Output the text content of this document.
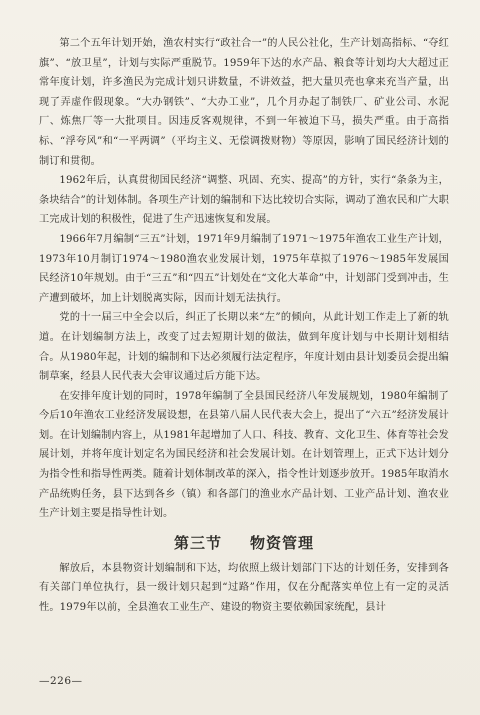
第二个五年计划开始，渔农村实行“政社合一”的人民公社化，生产计划高指标、“夺红旗”、“放卫星”，计划与实际严重脱节。1959年下达的水产品、粮食等计划均大大超过正常年度计划，许多渔民为完成计划只讲数量，不讲效益，把大量贝壳也拿来充当产量，出现了弄虚作假现象。“大办钢铁”、“大办工业”，几个月办起了制铁厂、矿业公司、水泥厂、炼焦厂等一大批项目。因违反客观规律，不到一年被迫下马，损失严重。由于高指标、“浮夸风”和“一平两调”（平均主义、无偿调拨财物）等原因，影响了国民经济计划的制订和贯彻。

1962年后，认真贯彻国民经济“调整、巩固、充实、提高”的方针，实行“条条为主，条块结合”的计划体制。各项生产计划的编制和下达比较切合实际，调动了渔农民和广大职工完成计划的积极性，促进了生产迅速恢复和发展。

1966年7月编制“三五”计划，1971年9月编制了1971～1975年渔农工业生产计划，1973年10月制订1974～1980渔农业发展计划，1975年草拟了1976～1985年发展国民经济10年规划。由于“三五”和“四五”计划处在“文化大革命”中，计划部门受到冲击，生产遭到破坏，加上计划脱离实际，因而计划无法执行。

党的十一届三中全会以后，纠正了长期以来“左”的倾向，从此计划工作走上了新的轨道。在计划编制方法上，改变了过去短期计划的做法，做到年度计划与中长期计划相结合。从1980年起，计划的编制和下达必须履行法定程序，年度计划由县计划委员会提出编制草案，经县人民代表大会审议通过后方能下达。

在安排年度计划的同时，1978年编制了全县国民经济八年发展规划，1980年编制了今后10年渔农工业经济发展设想，在县第八届人民代表大会上，提出了“六五”经济发展计划。在计划编制内容上，从1981年起增加了人口、科技、教育、文化卫生、体育等社会发展计划，并将年度计划定名为国民经济和社会发展计划。在计划管理上，正式下达计划分为指令性和指导性两类。随着计划体制改革的深入，指令性计划逐步放开。1985年取消水产品统购任务，县下达到各乡（镇）和各部门的渔业水产品计划、工业产品计划、渔农业生产计划主要是指导性计划。

第三节 物资管理

解放后，本县物资计划编制和下达，均依照上级计划部门下达的计划任务，安排到各有关部门单位执行，县一级计划只起到“过路”作用，仅在分配落实单位上有一定的灵活性。1979年以前，全县渔农工业生产、建设的物资主要依赖国家统配，县计

—226—
